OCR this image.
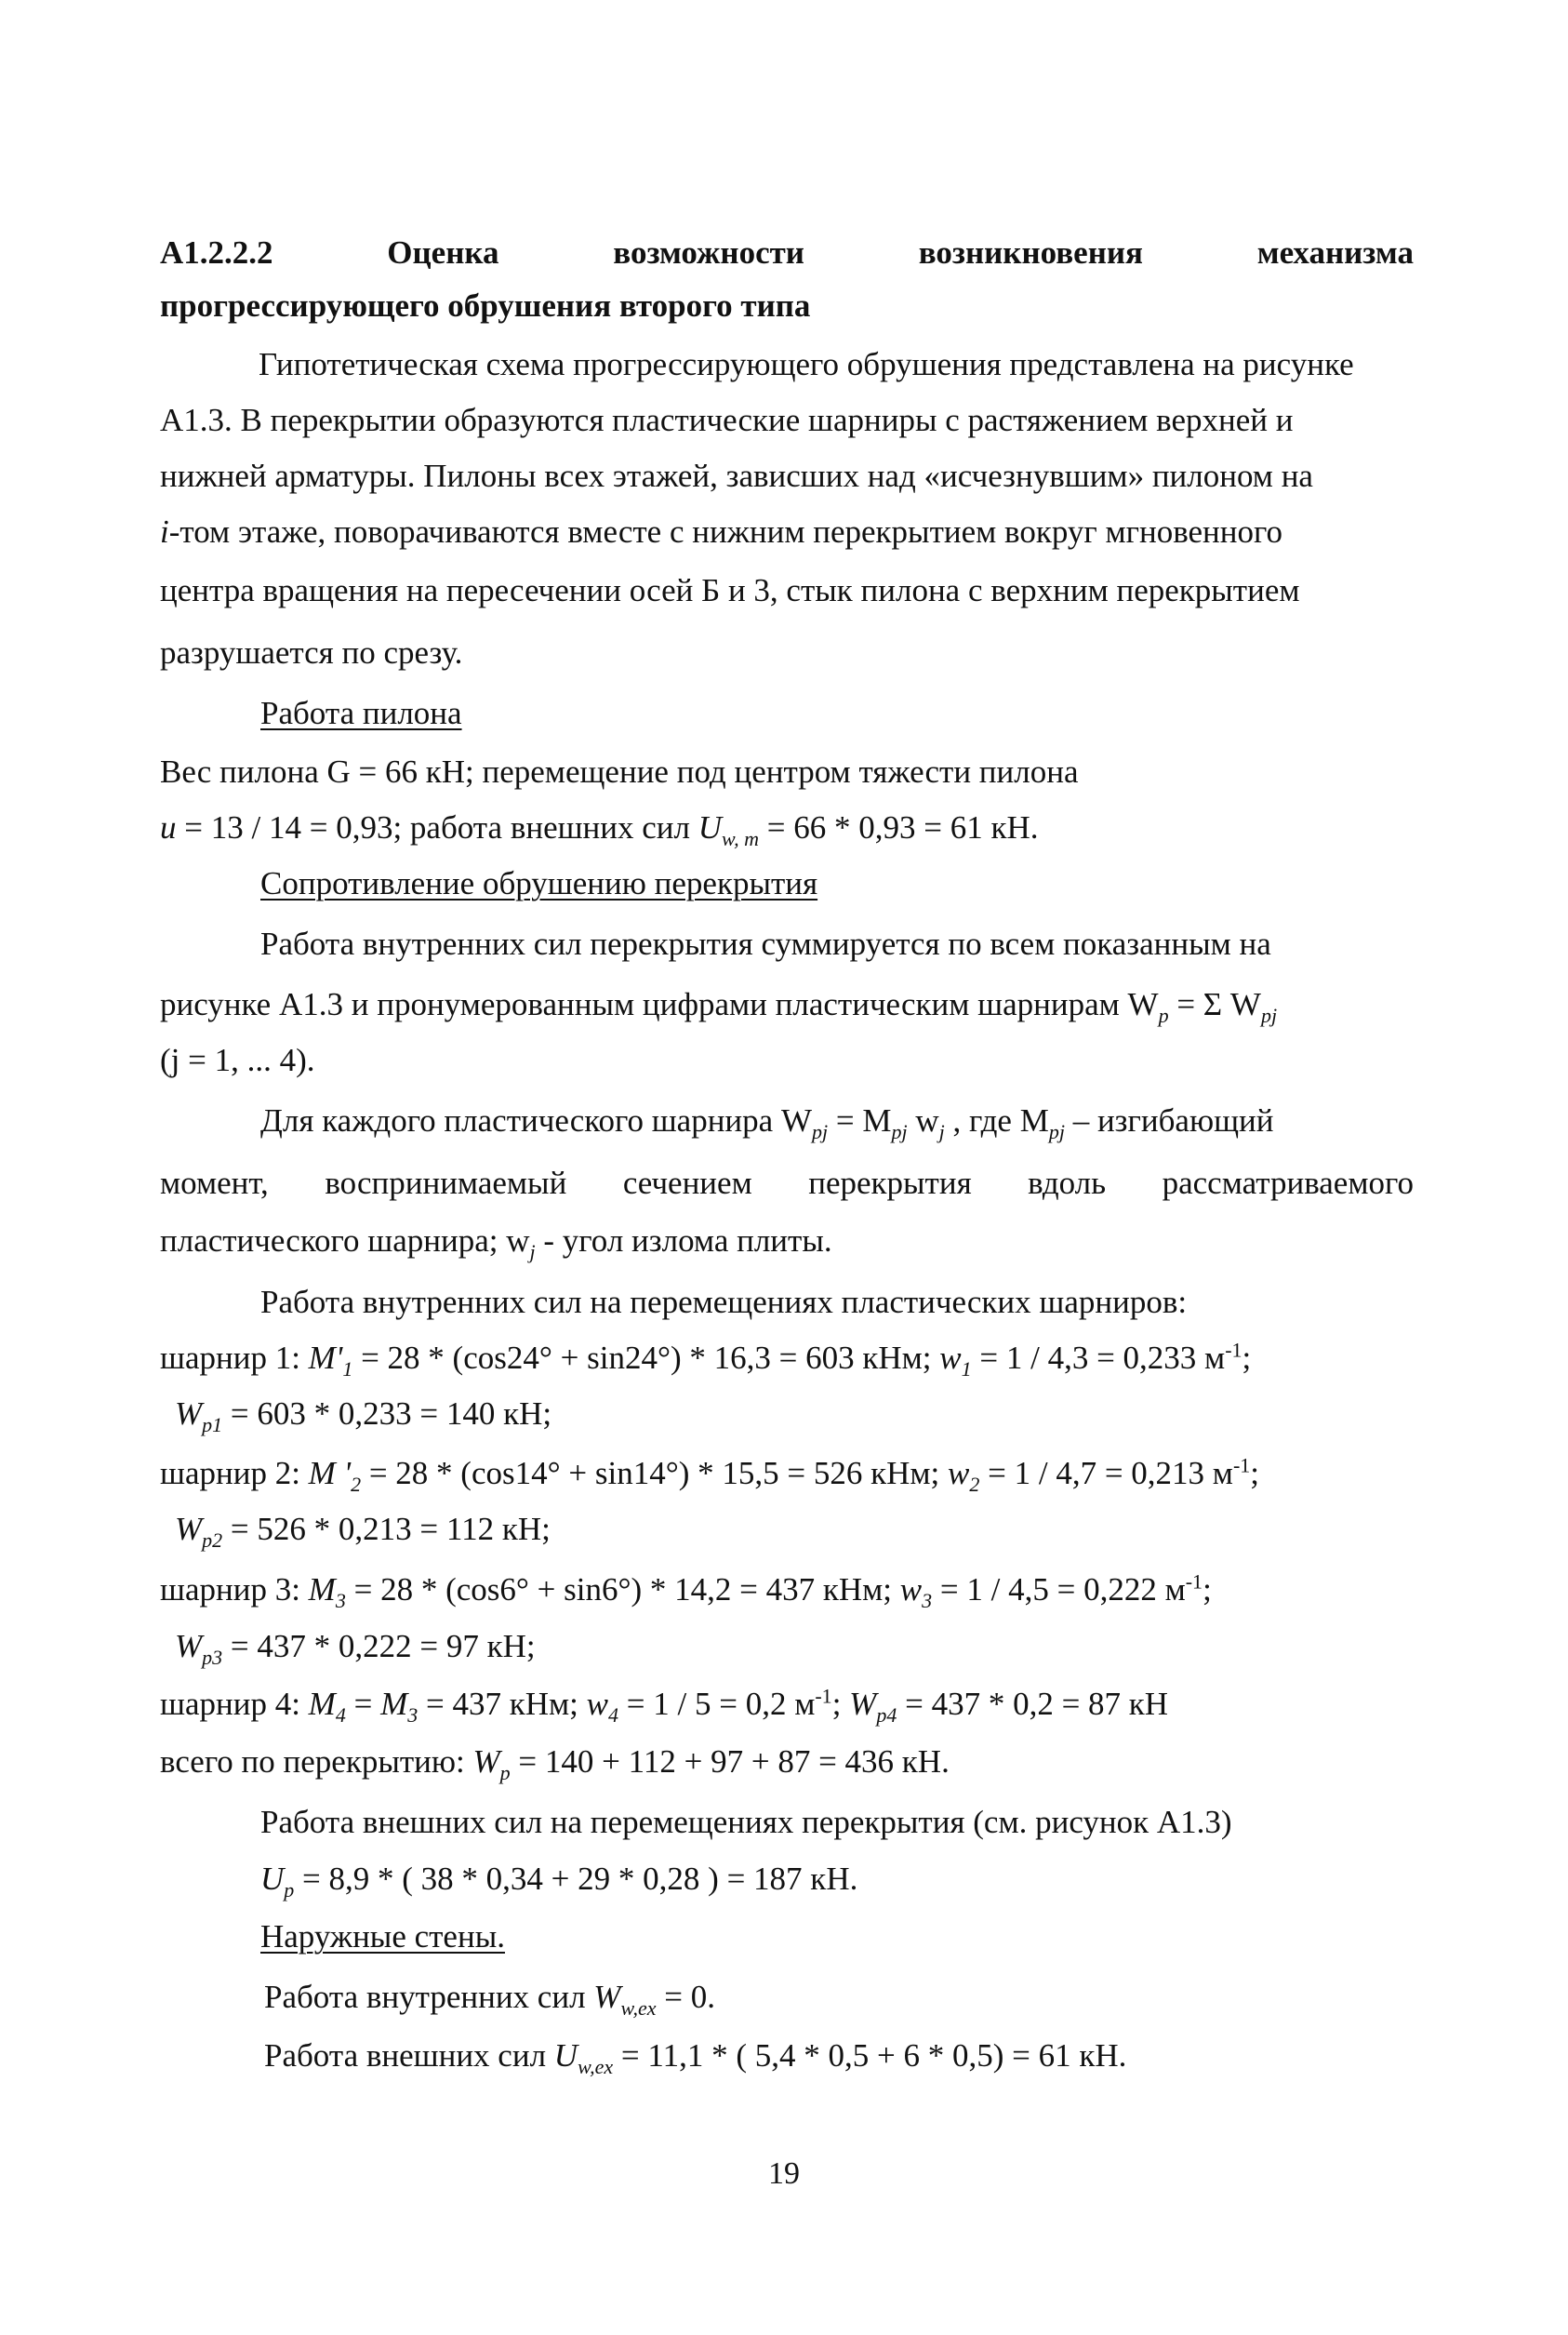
А1.2.2.2	Оценка	возможности	возникновения	механизма
прогрессирующего обрушения второго типа
Гипотетическая схема прогрессирующего обрушения представлена на рисунке
А1.3. В перекрытии образуются пластические шарниры с растяжением верхней и
нижней арматуры. Пилоны всех этажей, зависших над «исчезнувшим» пилоном на
i-том этаже, поворачиваются вместе с нижним перекрытием вокруг мгновенного
центра вращения на пересечении осей Б и 3, стык пилона с верхним перекрытием
разрушается по срезу.
Работа пилона
Вес пилона G = 66 кН; перемещение под центром тяжести пилона
u = 13 / 14 = 0,93; работа внешних сил $U_{w, m} = 66 * 0,93 = 61$ кН.
Сопротивление обрушению перекрытия
Работа внутренних сил перекрытия суммируется по всем показанным на
рисунке А1.3 и пронумерованным цифрами пластическим шарнирам $W_p = \Sigma$ $W_{pj}$
(j = 1, ... 4).
Для каждого пластического шарнира $W_{pj} = M_{pj}$ $w_j$ , где $M_{pj}$ – изгибающий
момент, воспринимаемый сечением перекрытия вдоль рассматриваемого
пластического шарнира; $w_j$ - угол излома плиты.
Работа внутренних сил на перемещениях пластических шарниров:
шарнир 1: $M'_1 = 28 * (\cos 24^\circ + \sin 24^\circ) * 16,3 = 603$ кНм; $w_1 = 1 / 4,3 = 0,233$ $м^{-1}$;
$W_{p1} = 603 * 0,233 = 140$ кН;
шарнир 2: M '$_2 = 28 * (\cos 14^\circ + \sin 14^\circ) * 15,5 = 526$ кНм; $w_2 = 1 / 4,7 = 0,213$ $м^{-1}$;
$W_{p2} = 526 * 0,213 = 112$ кН;
шарнир 3: $M_3 = 28 * (\cos 6^\circ + \sin 6^\circ) * 14,2 = 437$ кНм; $w_3 = 1 / 4,5 = 0,222$ $м^{-1}$;
$W_{p3} = 437 * 0,222 = 97$ кН;
шарнир 4: $M_4 = M_3 = 437$ кНм; $w_4 = 1 / 5 = 0,2$ $м^{-1}$; $W_{p4} = 437 * 0,2 = 87$ кН
всего по перекрытию: $W_p = 140 + 112 + 97 + 87 = 436$ кН.
Работа внешних сил на перемещениях перекрытия (см. рисунок А1.3)
$U_p = 8,9$ * ( 38 * 0,34 + 29 * 0,28 ) = 187 кН.
Наружные стены.
Работа внутренних сил $W_{w,ex} = 0$.
Работа внешних сил $U_{w,ex} = 11,1$ * ( 5,4 * 0,5 + 6 * 0,5) = 61 кН.
19
